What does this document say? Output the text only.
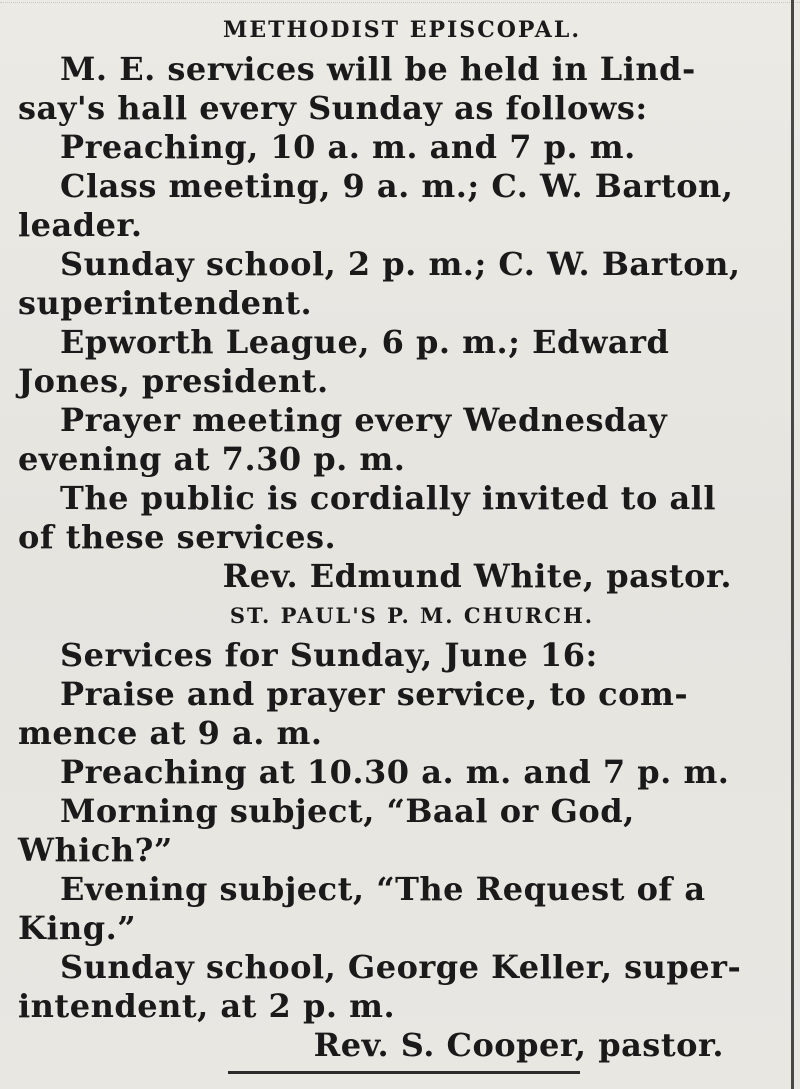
METHODIST EPISCOPAL.
M. E. services will be held in Lind-
say's hall every Sunday as follows:
Preaching, 10 a. m. and 7 p. m.
Class meeting, 9 a. m.; C. W. Barton,
leader.
Sunday school, 2 p. m.; C. W. Barton,
superintendent.
Epworth League, 6 p. m.; Edward
Jones, president.
Prayer meeting every Wednesday
evening at 7.30 p. m.
The public is cordially invited to all
of these services.
Rev. Edmund White, pastor.
ST. PAUL'S P. M. CHURCH.
Services for Sunday, June 16:
Praise and prayer service, to com-
mence at 9 a. m.
Preaching at 10.30 a. m. and 7 p. m.
Morning subject, “Baal or God,
Which?”
Evening subject, “The Request of a
King.”
Sunday school, George Keller, super-
intendent, at 2 p. m.
Rev. S. Cooper, pastor.
